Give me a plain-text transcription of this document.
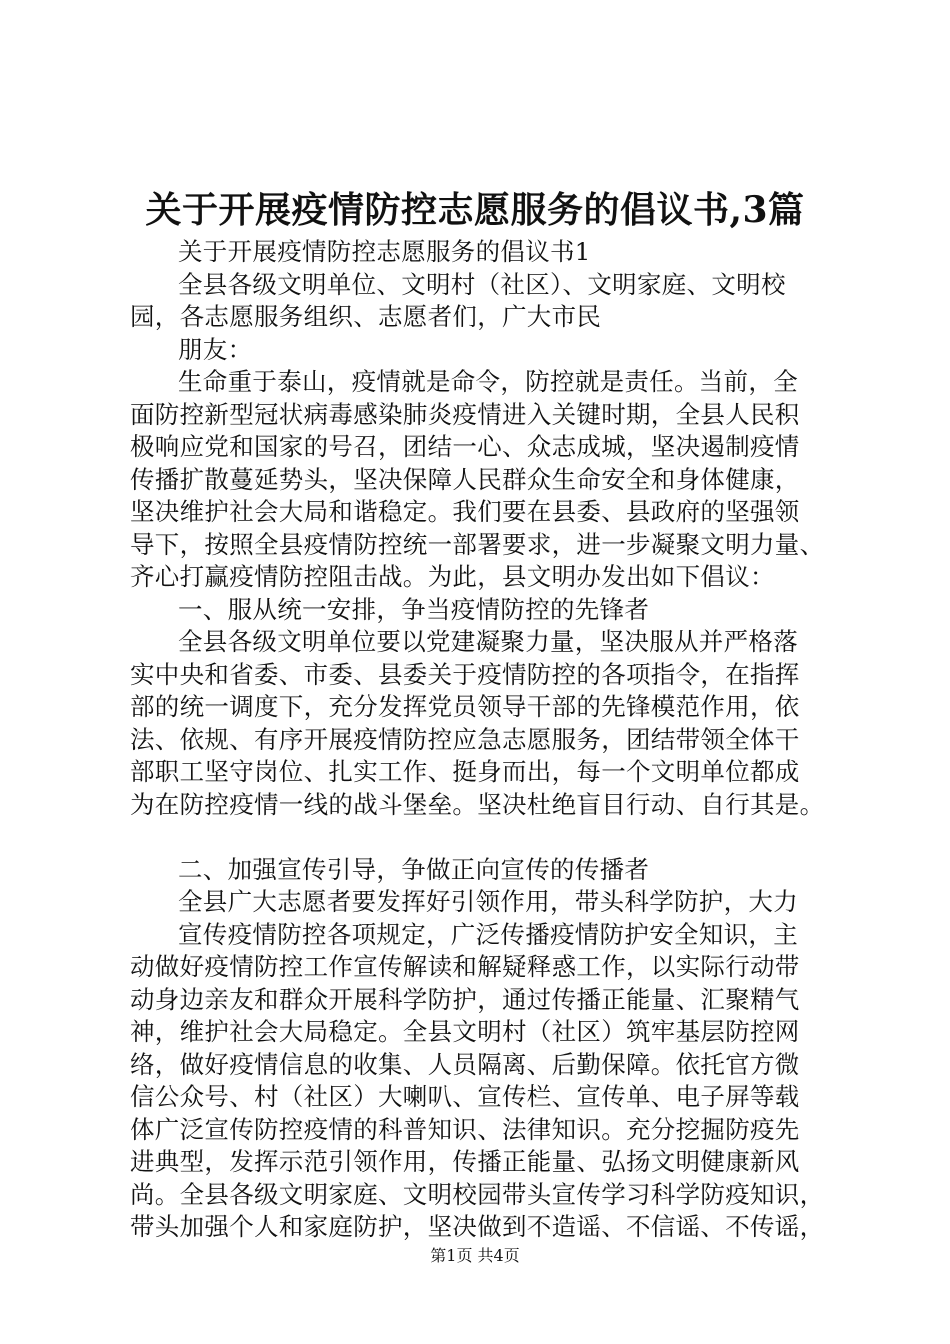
关于开展疫情防控志愿服务的倡议书,3篇
关于开展疫情防控志愿服务的倡议书1
全县各级文明单位、文明村（社区）、文明家庭、文明校
园，各志愿服务组织、志愿者们，广大市民
朋友：
生命重于泰山，疫情就是命令，防控就是责任。当前，全
面防控新型冠状病毒感染肺炎疫情进入关键时期，全县人民积
极响应党和国家的号召，团结一心、众志成城，坚决遏制疫情
传播扩散蔓延势头，坚决保障人民群众生命安全和身体健康，
坚决维护社会大局和谐稳定。我们要在县委、县政府的坚强领
导下，按照全县疫情防控统一部署要求，进一步凝聚文明力量、
齐心打赢疫情防控阻击战。为此，县文明办发出如下倡议：
一、服从统一安排，争当疫情防控的先锋者
全县各级文明单位要以党建凝聚力量，坚决服从并严格落
实中央和省委、市委、县委关于疫情防控的各项指令，在指挥
部的统一调度下，充分发挥党员领导干部的先锋模范作用，依
法、依规、有序开展疫情防控应急志愿服务，团结带领全体干
部职工坚守岗位、扎实工作、挺身而出，每一个文明单位都成
为在防控疫情一线的战斗堡垒。坚决杜绝盲目行动、自行其是。
二、加强宣传引导，争做正向宣传的传播者
全县广大志愿者要发挥好引领作用，带头科学防护，大力
宣传疫情防控各项规定，广泛传播疫情防护安全知识，主
动做好疫情防控工作宣传解读和解疑释惑工作，以实际行动带
动身边亲友和群众开展科学防护，通过传播正能量、汇聚精气
神，维护社会大局稳定。全县文明村（社区）筑牢基层防控网
络，做好疫情信息的收集、人员隔离、后勤保障。依托官方微
信公众号、村（社区）大喇叭、宣传栏、宣传单、电子屏等载
体广泛宣传防控疫情的科普知识、法律知识。充分挖掘防疫先
进典型，发挥示范引领作用，传播正能量、弘扬文明健康新风
尚。全县各级文明家庭、文明校园带头宣传学习科学防疫知识，
带头加强个人和家庭防护，坚决做到不造谣、不信谣、不传谣，
第1页 共4页
